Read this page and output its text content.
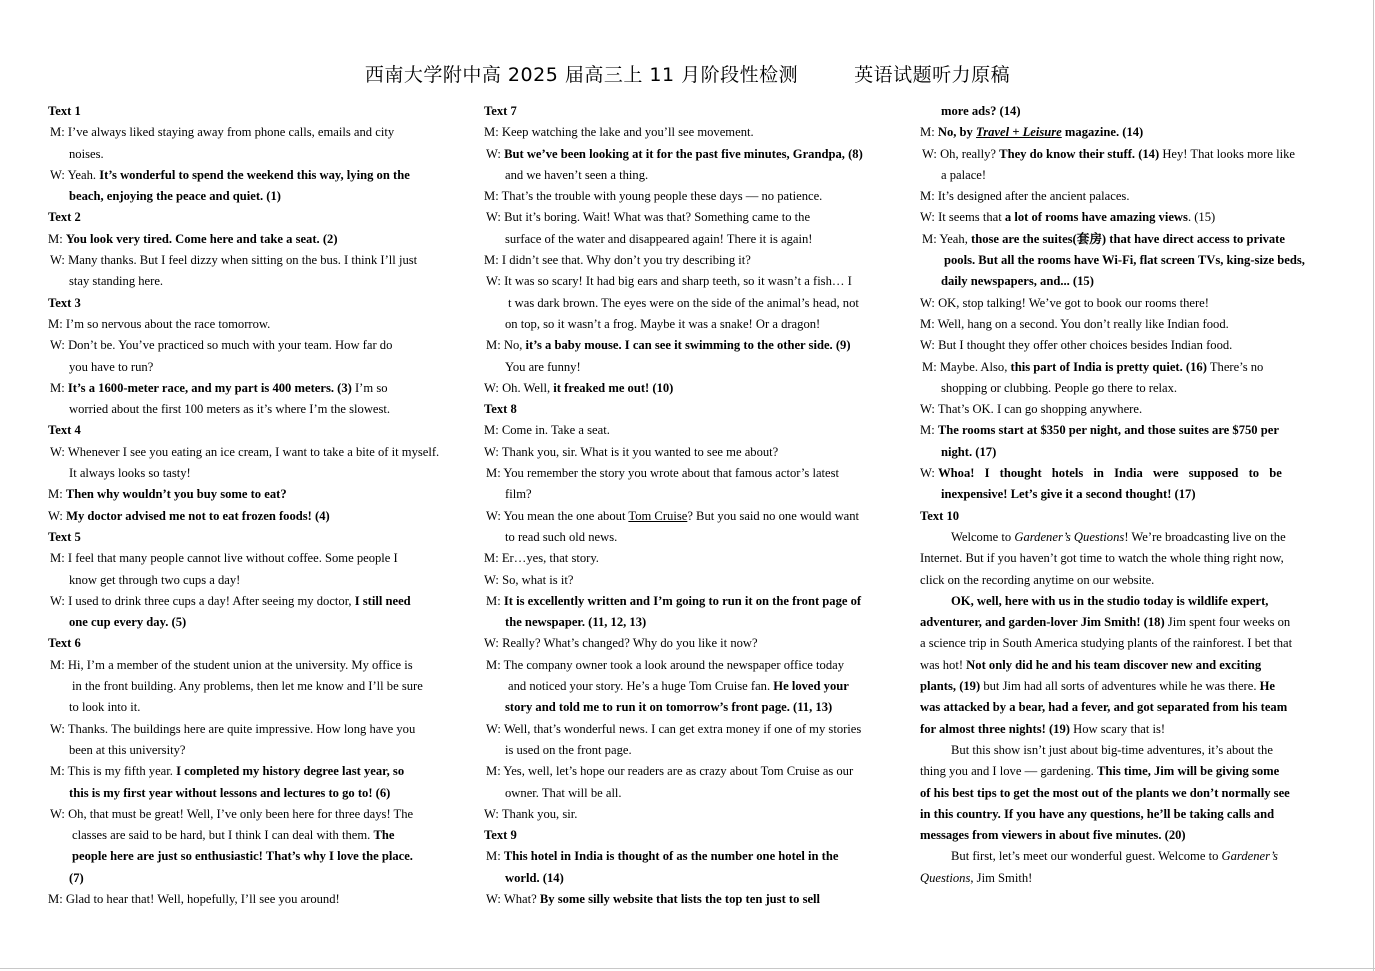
西南大学附中高 2025 届高三上 11 月阶段性检测	英语试题听力原稿
Text 1
M: I’ve always liked staying away from phone calls, emails and city
noises.
W: Yeah. It’s wonderful to spend the weekend this way, lying on the
beach, enjoying the peace and quiet. (1)
Text 2
M: You look very tired. Come here and take a seat. (2)
W: Many thanks. But I feel dizzy when sitting on the bus. I think I’ll just
stay standing here.
Text 3
M: I’m so nervous about the race tomorrow.
W: Don’t be. You’ve practiced so much with your team. How far do
you have to run?
M: It’s a 1600-meter race, and my part is 400 meters. (3) I’m so
worried about the first 100 meters as it’s where I’m the slowest.
Text 4
W: Whenever I see you eating an ice cream, I want to take a bite of it myself.
It always looks so tasty!
M: Then why wouldn’t you buy some to eat?
W: My doctor advised me not to eat frozen foods! (4)
Text 5
M: I feel that many people cannot live without coffee. Some people I
know get through two cups a day!
W: I used to drink three cups a day! After seeing my doctor, I still need
one cup every day. (5)
Text 6
M: Hi, I’m a member of the student union at the university. My office is
in the front building. Any problems, then let me know and I’ll be sure
to look into it.
W: Thanks. The buildings here are quite impressive. How long have you
been at this university?
M: This is my fifth year. I completed my history degree last year, so
this is my first year without lessons and lectures to go to! (6)
W: Oh, that must be great! Well, I’ve only been here for three days! The
classes are said to be hard, but I think I can deal with them. The
people here are just so enthusiastic! That’s why I love the place.
(7)
M: Glad to hear that! Well, hopefully, I’ll see you around!
Text 7
M: Keep watching the lake and you’ll see movement.
W: But we’ve been looking at it for the past five minutes, Grandpa, (8)
and we haven’t seen a thing.
M: That’s the trouble with young people these days — no patience.
W: But it’s boring. Wait! What was that? Something came to the
surface of the water and disappeared again! There it is again!
M: I didn’t see that. Why don’t you try describing it?
W: It was so scary! It had big ears and sharp teeth, so it wasn’t a fish… I
t was dark brown. The eyes were on the side of the animal’s head, not
on top, so it wasn’t a frog. Maybe it was a snake! Or a dragon!
M: No, it’s a baby mouse. I can see it swimming to the other side. (9)
You are funny!
W: Oh. Well, it freaked me out! (10)
Text 8
M: Come in. Take a seat.
W: Thank you, sir. What is it you wanted to see me about?
M: You remember the story you wrote about that famous actor’s latest
film?
W: You mean the one about Tom Cruise? But you said no one would want
to read such old news.
M: Er…yes, that story.
W: So, what is it?
M: It is excellently written and I’m going to run it on the front page of
the newspaper. (11, 12, 13)
W: Really? What’s changed? Why do you like it now?
M: The company owner took a look around the newspaper office today
and noticed your story. He’s a huge Tom Cruise fan. He loved your
story and told me to run it on tomorrow’s front page. (11, 13)
W: Well, that’s wonderful news. I can get extra money if one of my stories
is used on the front page.
M: Yes, well, let’s hope our readers are as crazy about Tom Cruise as our
owner. That will be all.
W: Thank you, sir.
Text 9
M: This hotel in India is thought of as the number one hotel in the
world. (14)
W: What? By some silly website that lists the top ten just to sell
more ads? (14)
M: No, by Travel + Leisure magazine. (14)
W: Oh, really? They do know their stuff. (14) Hey! That looks more like
a palace!
M: It’s designed after the ancient palaces.
W: It seems that a lot of rooms have amazing views. (15)
M: Yeah, those are the suites(套房) that have direct access to private
pools. But all the rooms have Wi-Fi, flat screen TVs, king-size beds,
daily newspapers, and... (15)
W: OK, stop talking! We’ve got to book our rooms there!
M: Well, hang on a second. You don’t really like Indian food.
W: But I thought they offer other choices besides Indian food.
M: Maybe. Also, this part of India is pretty quiet. (16) There’s no
shopping or clubbing. People go there to relax.
W: That’s OK. I can go shopping anywhere.
M: The rooms start at $350 per night, and those suites are $750 per
night. (17)
W: Whoa! I thought hotels in India were supposed to be
inexpensive! Let’s give it a second thought! (17)
Text 10
Welcome to Gardener’s Questions! We’re broadcasting live on the
Internet. But if you haven’t got time to watch the whole thing right now,
click on the recording anytime on our website.
OK, well, here with us in the studio today is wildlife expert,
adventurer, and garden-lover Jim Smith! (18) Jim spent four weeks on
a science trip in South America studying plants of the rainforest. I bet that
was hot! Not only did he and his team discover new and exciting
plants, (19) but Jim had all sorts of adventures while he was there. He
was attacked by a bear, had a fever, and got separated from his team
for almost three nights! (19) How scary that is!
But this show isn’t just about big-time adventures, it’s about the
thing you and I love — gardening. This time, Jim will be giving some
of his best tips to get the most out of the plants we don’t normally see
in this country. If you have any questions, he’ll be taking calls and
messages from viewers in about five minutes. (20)
But first, let’s meet our wonderful guest. Welcome to Gardener’s
Questions, Jim Smith!
